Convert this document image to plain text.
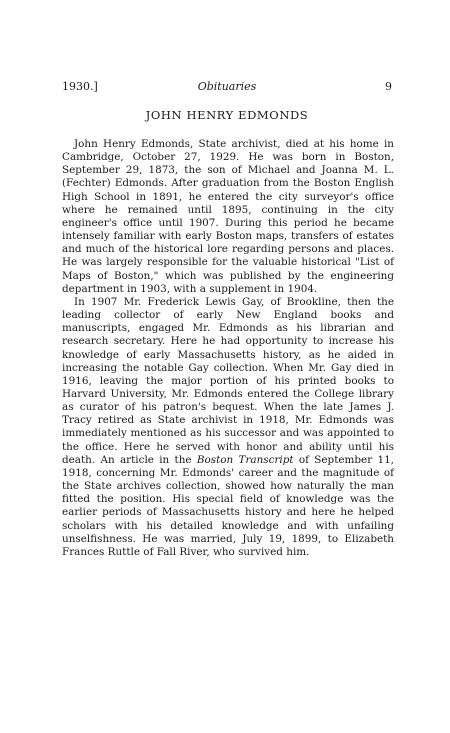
1930.]	Obituaries	9
JOHN HENRY EDMONDS

John Henry Edmonds, State archivist, died at his home in Cambridge, October 27, 1929. He was born in Boston, September 29, 1873, the son of Michael and Joanna M. L. (Fechter) Edmonds. After graduation from the Boston English High School in 1891, he entered the city surveyor's office where he remained until 1895, continuing in the city engineer's office until 1907. During this period he became intensely familiar with early Boston maps, transfers of estates and much of the historical lore regarding persons and places. He was largely responsible for the valuable historical "List of Maps of Boston," which was published by the engineering department in 1903, with a supplement in 1904.

In 1907 Mr. Frederick Lewis Gay, of Brookline, then the leading collector of early New England books and manuscripts, engaged Mr. Edmonds as his librarian and research secretary. Here he had opportunity to increase his knowledge of early Massachusetts history, as he aided in increasing the notable Gay collection. When Mr. Gay died in 1916, leaving the major portion of his printed books to Harvard University, Mr. Edmonds entered the College library as curator of his patron's bequest. When the late James J. Tracy retired as State archivist in 1918, Mr. Edmonds was immediately mentioned as his successor and was appointed to the office. Here he served with honor and ability until his death. An article in the Boston Transcript of September 11, 1918, concerning Mr. Edmonds' career and the magnitude of the State archives collection, showed how naturally the man fitted the position. His special field of knowledge was the earlier periods of Massachusetts history and here he helped scholars with his detailed knowledge and with unfailing unselfishness. He was married, July 19, 1899, to Elizabeth Frances Ruttle of Fall River, who survived him.
